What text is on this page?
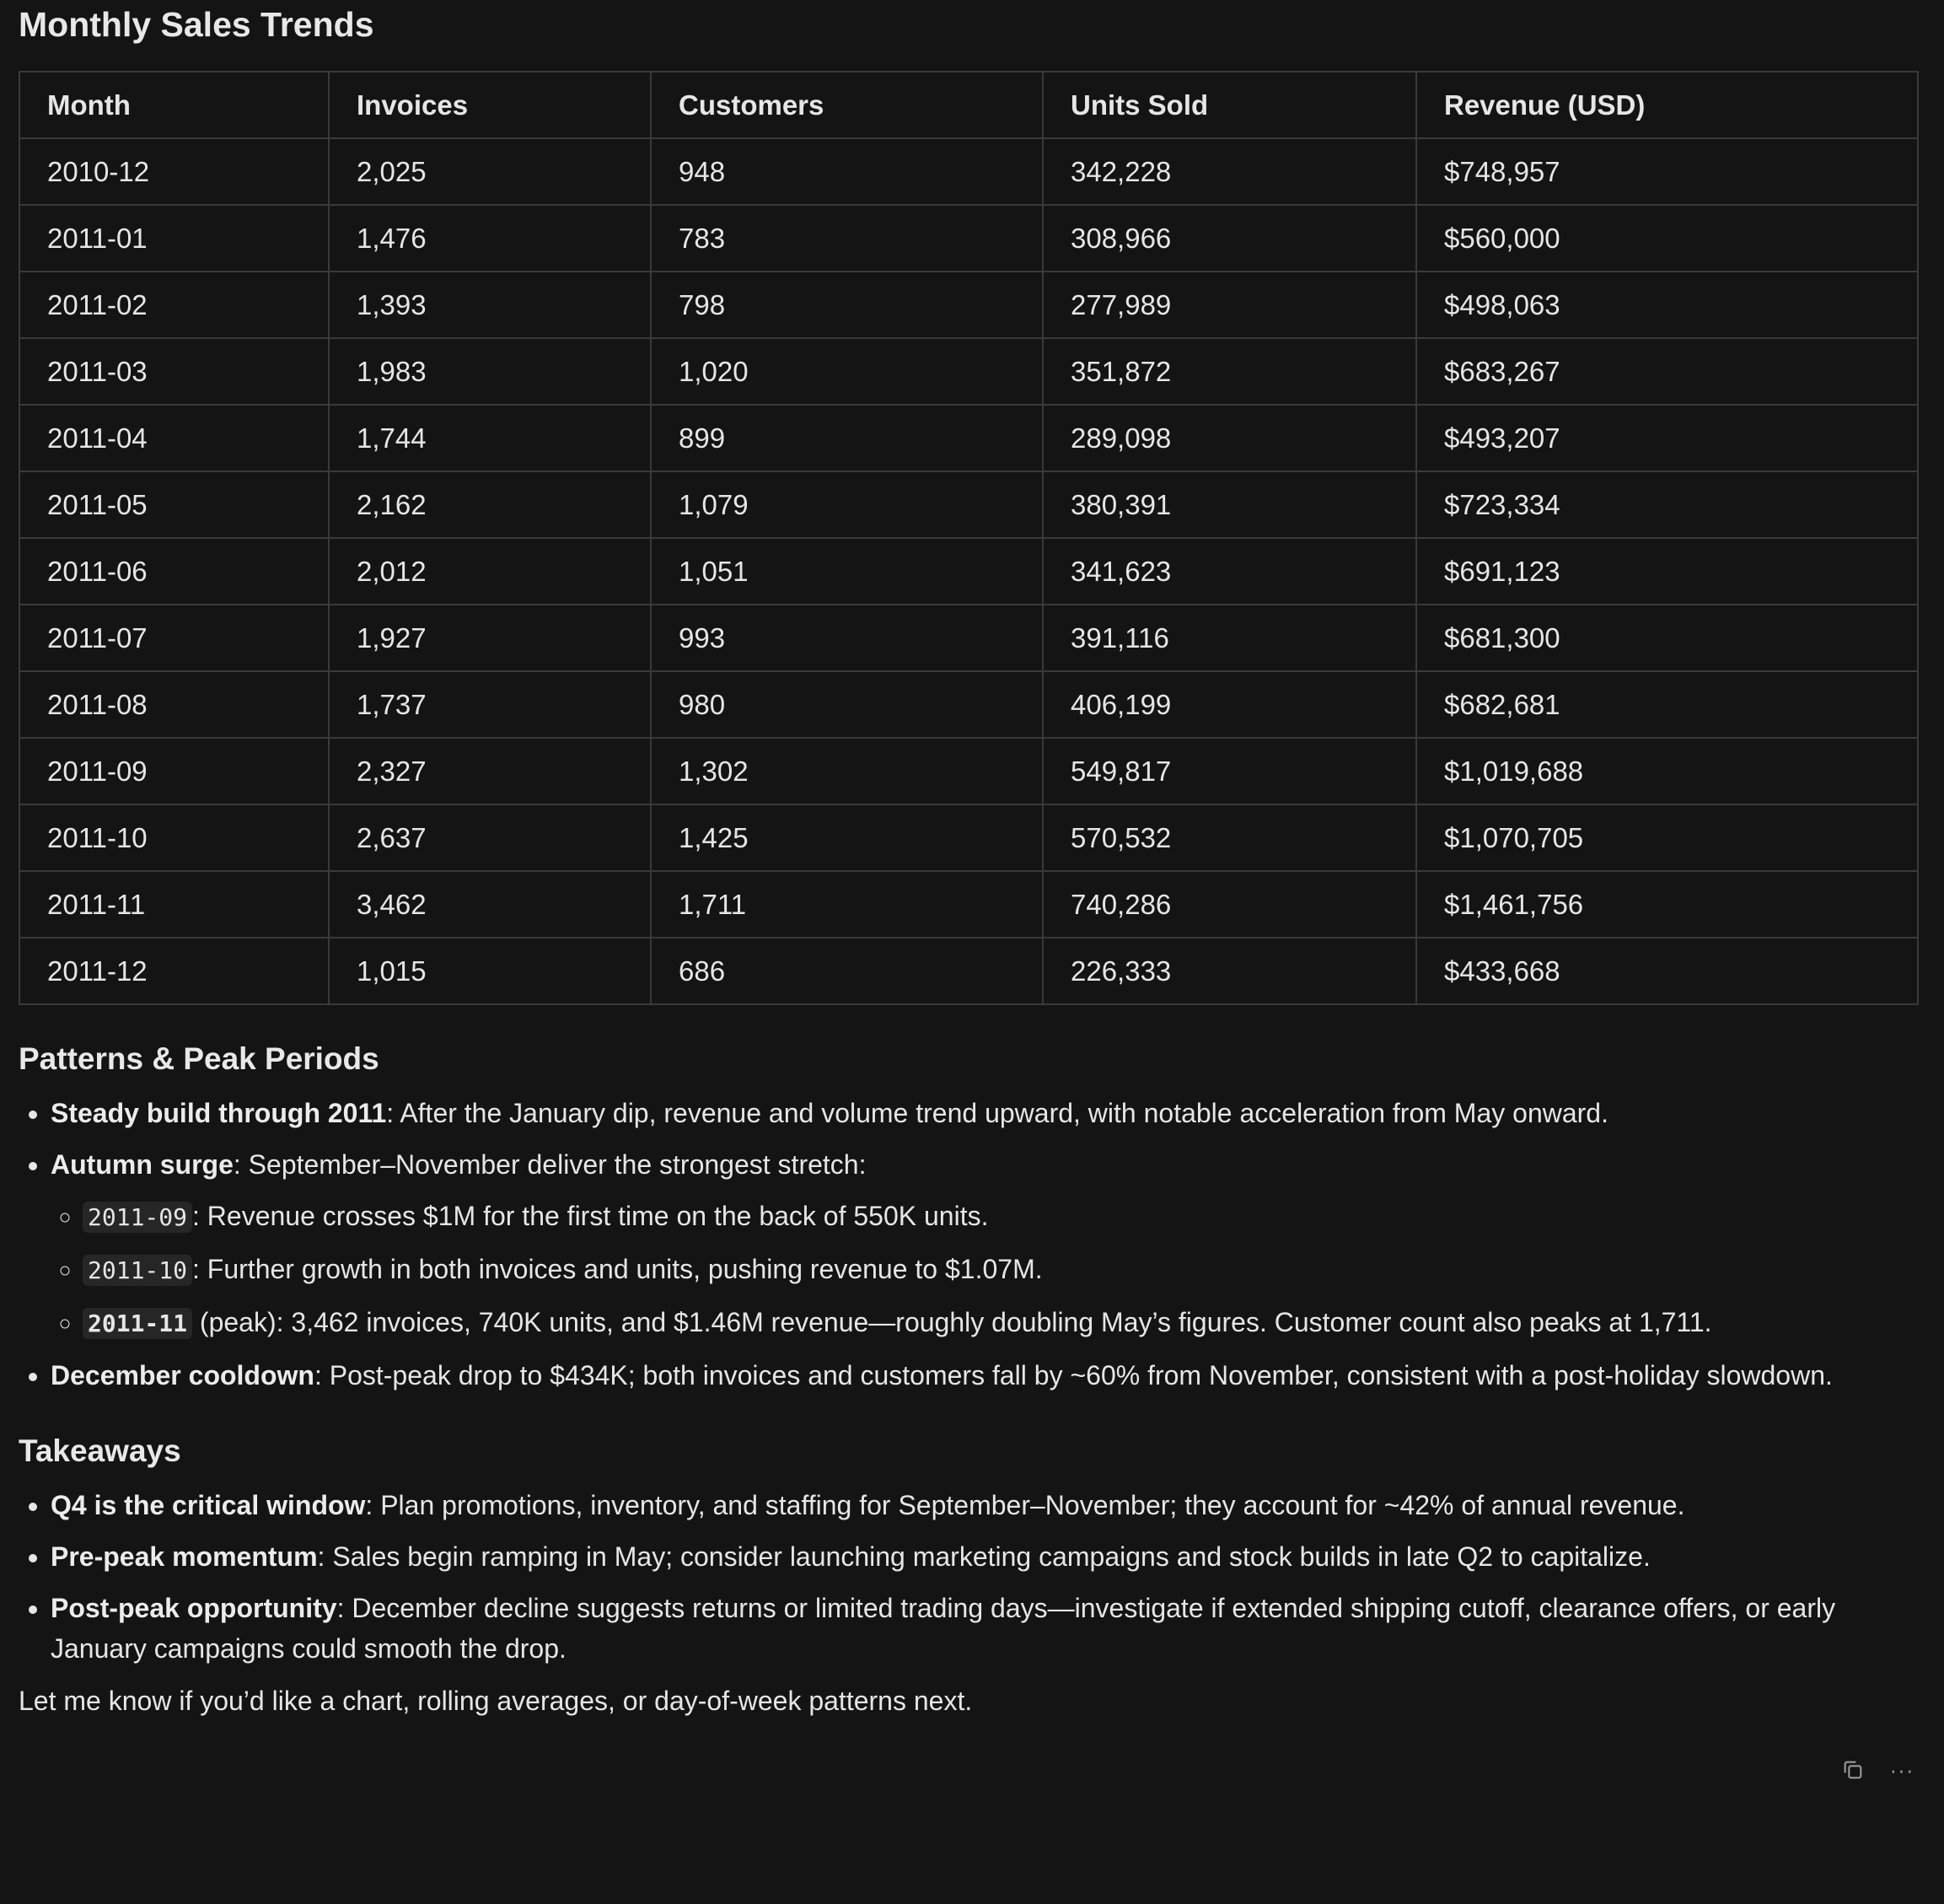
Monthly Sales Trends
Month	Invoices	Customers	Units Sold	Revenue (USD)
2010-12	2,025	948	342,228	$748,957
2011-01	1,476	783	308,966	$560,000
2011-02	1,393	798	277,989	$498,063
2011-03	1,983	1,020	351,872	$683,267
2011-04	1,744	899	289,098	$493,207
2011-05	2,162	1,079	380,391	$723,334
2011-06	2,012	1,051	341,623	$691,123
2011-07	1,927	993	391,116	$681,300
2011-08	1,737	980	406,199	$682,681
2011-09	2,327	1,302	549,817	$1,019,688
2011-10	2,637	1,425	570,532	$1,070,705
2011-11	3,462	1,711	740,286	$1,461,756
2011-12	1,015	686	226,333	$433,668
Patterns & Peak Periods
• Steady build through 2011: After the January dip, revenue and volume trend upward, with notable acceleration from May onward.
• Autumn surge: September–November deliver the strongest stretch:
◦ 2011-09 : Revenue crosses $1M for the first time on the back of 550K units.
◦ 2011-10 : Further growth in both invoices and units, pushing revenue to $1.07M.
◦ 2011-11 (peak): 3,462 invoices, 740K units, and $1.46M revenue—roughly doubling May’s figures. Customer count also peaks at 1,711.
• December cooldown: Post-peak drop to $434K; both invoices and customers fall by ~60% from November, consistent with a post-holiday slowdown.
Takeaways
• Q4 is the critical window: Plan promotions, inventory, and staffing for September–November; they account for ~42% of annual revenue.
• Pre-peak momentum: Sales begin ramping in May; consider launching marketing campaigns and stock builds in late Q2 to capitalize.
• Post-peak opportunity: December decline suggests returns or limited trading days—investigate if extended shipping cutoff, clearance offers, or early January campaigns could smooth the drop.

Let me know if you’d like a chart, rolling averages, or day-of-week patterns next.

···
